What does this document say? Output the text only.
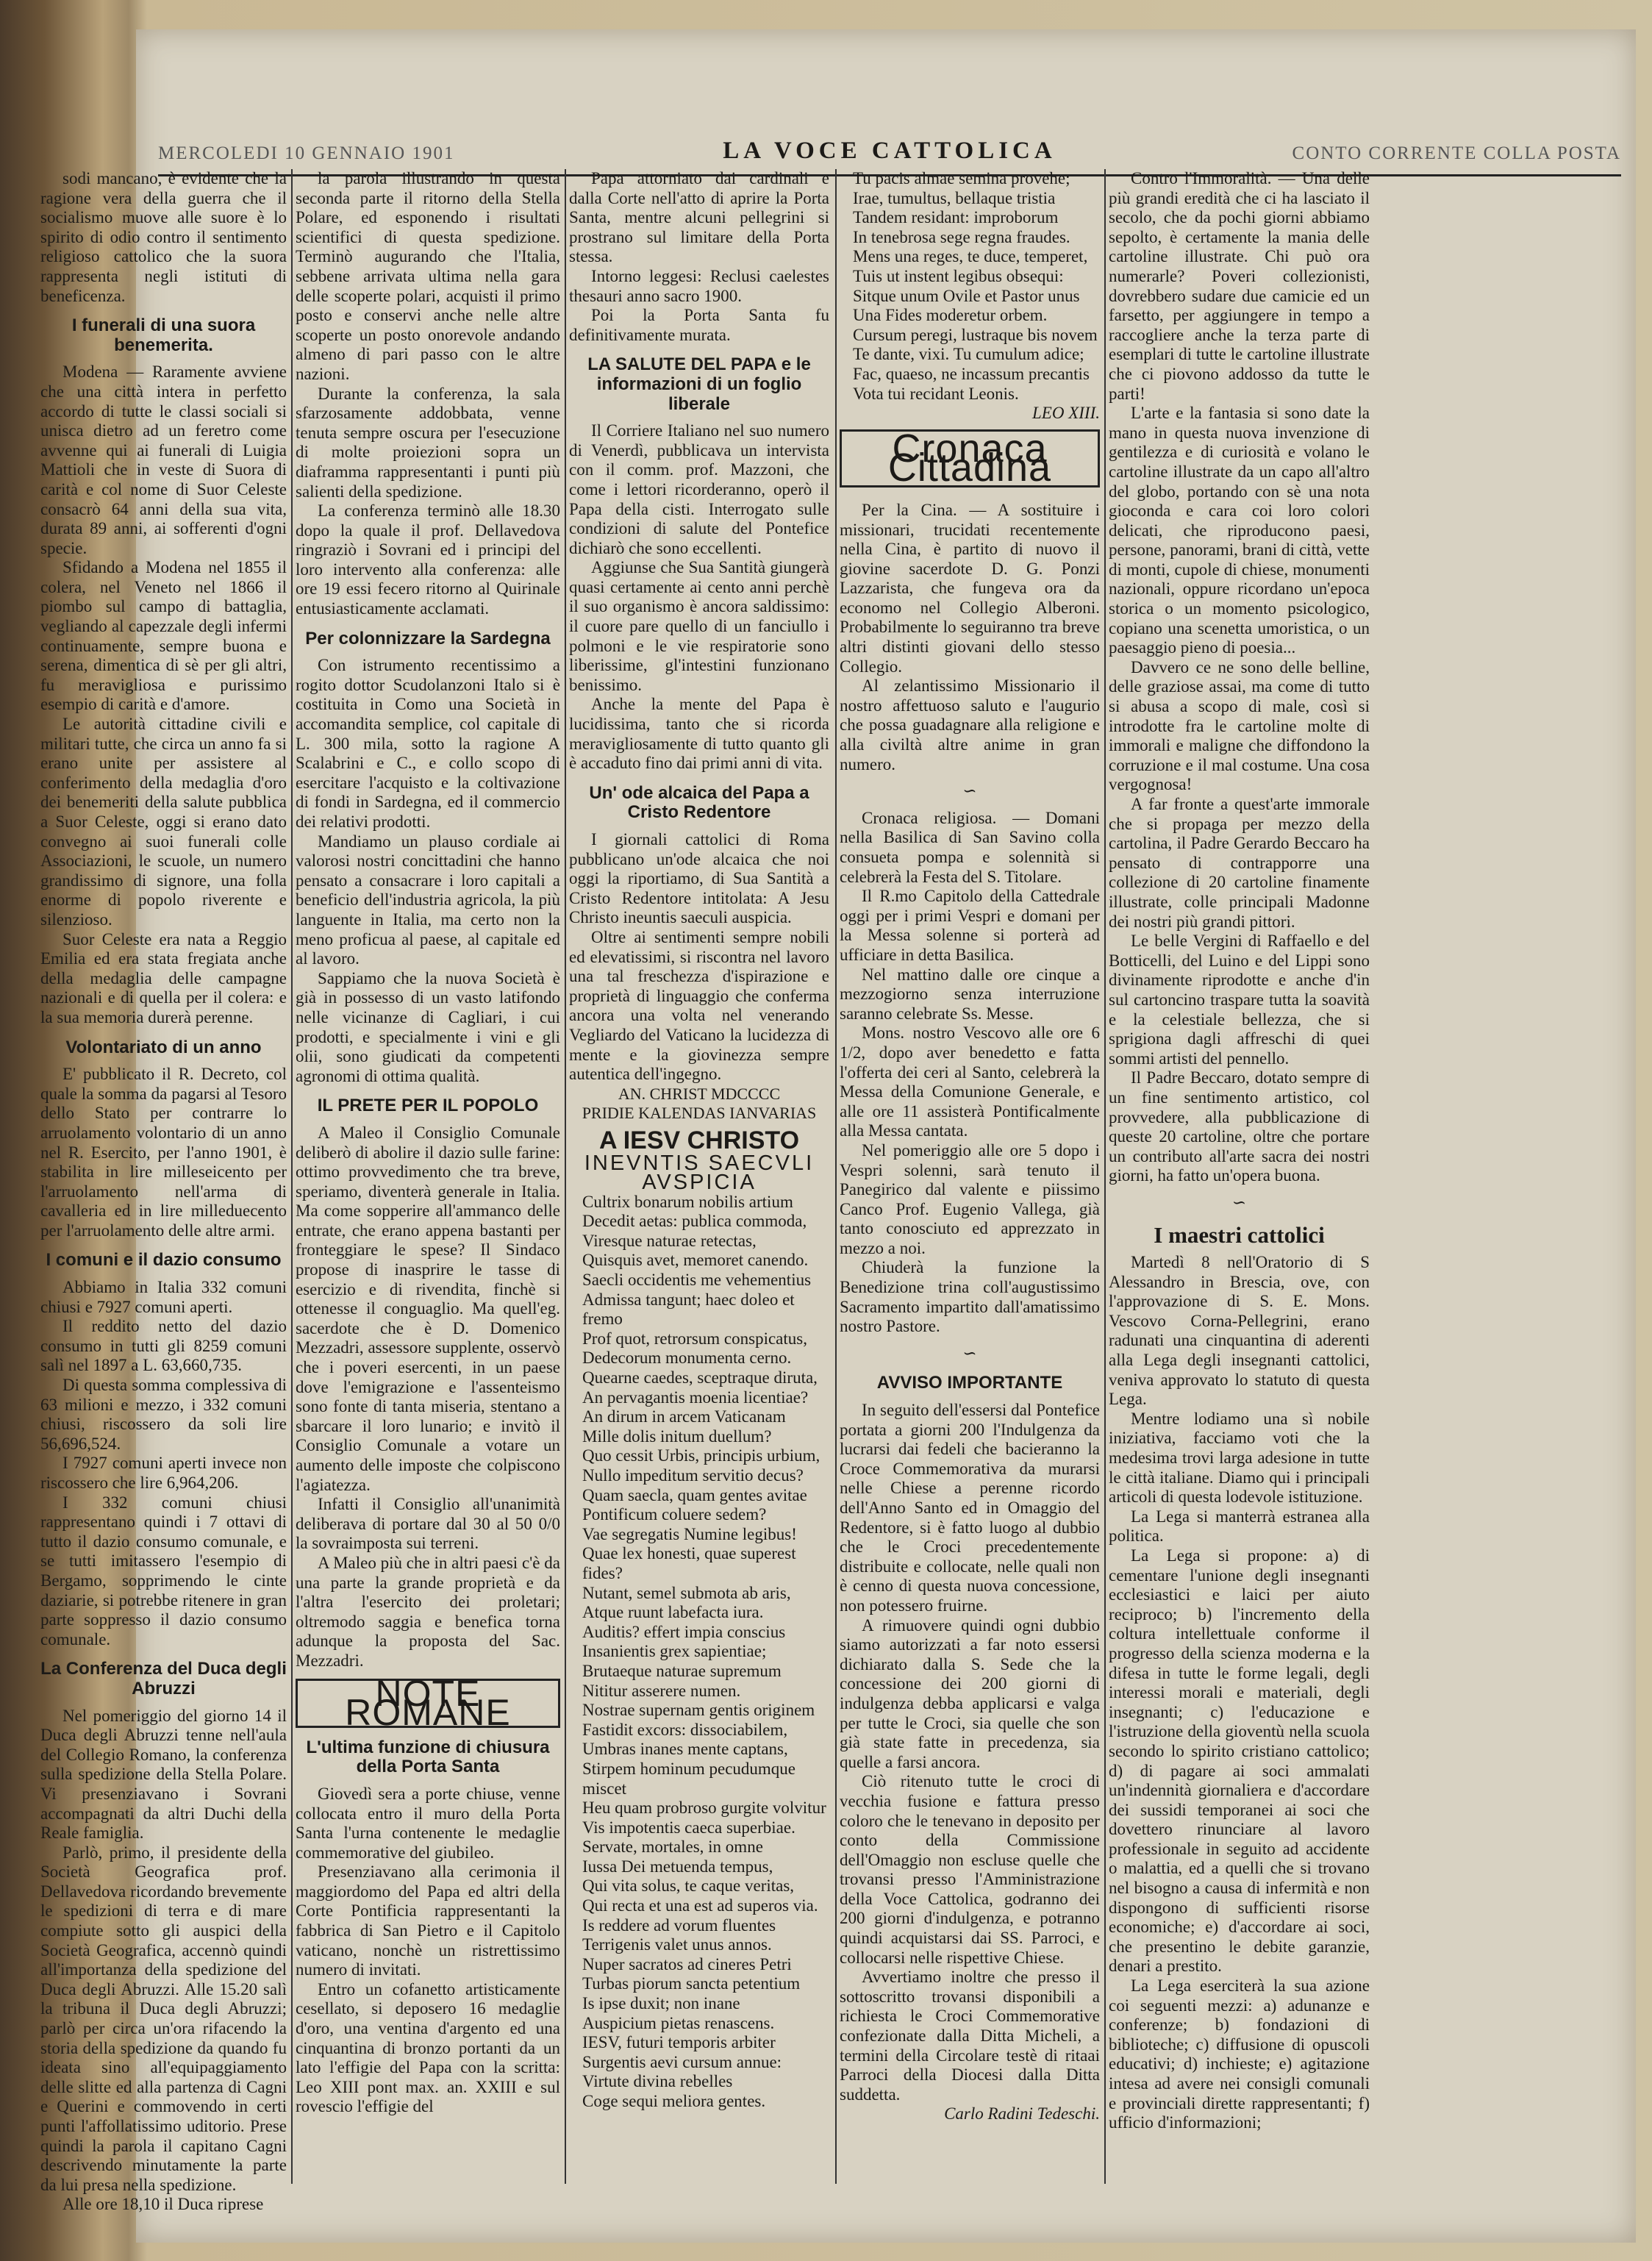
MERCOLEDI 10 GENNAIO 1901	LA VOCE CATTOLICA	CONTO CORRENTE COLLA POSTA

sodi mancano, è evidente che la ragione vera della guerra che il socialismo muove alle suore è lo spirito di odio contro il sentimento religioso cattolico che la suora rappresenta negli istituti di beneficenza.

I funerali di una suora benemerita.

Modena — Raramente avviene che una città intera in perfetto accordo di tutte le classi sociali si unisca dietro ad un feretro come avvenne qui ai funerali di Luigia Mattioli che in veste di Suora di carità e col nome di Suor Celeste consacrò 64 anni della sua vita, durata 89 anni, ai sofferenti d'ogni specie.

Sfidando a Modena nel 1855 il colera, nel Veneto nel 1866 il piombo sul campo di battaglia, vegliando al capezzale degli infermi continuamente, sempre buona e serena, dimentica di sè per gli altri, fu meravigliosa e purissimo esempio di carità e d'amore.

Le autorità cittadine civili e militari tutte, che circa un anno fa si erano unite per assistere al conferimento della medaglia d'oro dei benemeriti della salute pubblica a Suor Celeste, oggi si erano dato convegno ai suoi funerali colle Associazioni, le scuole, un numero grandissimo di signore, una folla enorme di popolo riverente e silenzioso.

Suor Celeste era nata a Reggio Emilia ed era stata fregiata anche della medaglia delle campagne nazionali e di quella per il colera: e la sua memoria durerà perenne.

Volontariato di un anno

E' pubblicato il R. Decreto, col quale la somma da pagarsi al Tesoro dello Stato per contrarre lo arruolamento volontario di un anno nel R. Esercito, per l'anno 1901, è stabilita in lire milleseicento per l'arruolamento nell'arma di cavalleria ed in lire milleduecento per l'arruolamento delle altre armi.

I comuni e il dazio consumo

Abbiamo in Italia 332 comuni chiusi e 7927 comuni aperti.

Il reddito netto del dazio consumo in tutti gli 8259 comuni salì nel 1897 a L. 63,660,735.

Di questa somma complessiva di 63 milioni e mezzo, i 332 comuni chiusi, riscossero da soli lire 56,696,524.

I 7927 comuni aperti invece non riscossero che lire 6,964,206.

I 332 comuni chiusi rappresentano quindi i 7 ottavi di tutto il dazio consumo comunale, e se tutti imitassero l'esempio di Bergamo, sopprimendo le cinte daziarie, si potrebbe ritenere in gran parte soppresso il dazio consumo comunale.

La Conferenza del Duca degli Abruzzi

Nel pomeriggio del giorno 14 il Duca degli Abruzzi tenne nell'aula del Collegio Romano, la conferenza sulla spedizione della Stella Polare. Vi presenziavano i Sovrani accompagnati da altri Duchi della Reale famiglia.

Parlò, primo, il presidente della Società Geografica prof. Dellavedova ricordando brevemente le spedizioni di terra e di mare compiute sotto gli auspici della Società Geografica, accennò quindi all'importanza della spedizione del Duca degli Abruzzi. Alle 15.20 salì la tribuna il Duca degli Abruzzi; parlò per circa un'ora rifacendo la storia della spedizione da quando fu ideata sino all'equipaggiamento delle slitte ed alla partenza di Cagni e Querini e commovendo in certi punti l'affollatissimo uditorio. Prese quindi la parola il capitano Cagni descrivendo minutamente la parte da lui presa nella spedizione.

Alle ore 18,10 il Duca riprese

la parola illustrando in questa seconda parte il ritorno della Stella Polare, ed esponendo i risultati scientifici di questa spedizione. Terminò augurando che l'Italia, sebbene arrivata ultima nella gara delle scoperte polari, acquisti il primo posto e conservi anche nelle altre scoperte un posto onorevole andando almeno di pari passo con le altre nazioni.

Durante la conferenza, la sala sfarzosamente addobbata, venne tenuta sempre oscura per l'esecuzione di molte proiezioni sopra un diaframma rappresentanti i punti più salienti della spedizione.

La conferenza terminò alle 18.30 dopo la quale il prof. Dellavedova ringraziò i Sovrani ed i principi del loro intervento alla conferenza: alle ore 19 essi fecero ritorno al Quirinale entusiasticamente acclamati.

Per colonnizzare la Sardegna

Con istrumento recentissimo a rogito dottor Scudolanzoni Italo si è costituita in Como una Società in accomandita semplice, col capitale di L. 300 mila, sotto la ragione A Scalabrini e C., e collo scopo di esercitare l'acquisto e la coltivazione di fondi in Sardegna, ed il commercio dei relativi prodotti.

Mandiamo un plauso cordiale ai valorosi nostri concittadini che hanno pensato a consacrare i loro capitali a beneficio dell'industria agricola, la più languente in Italia, ma certo non la meno proficua al paese, al capitale ed al lavoro.

Sappiamo che la nuova Società è già in possesso di un vasto latifondo nelle vicinanze di Cagliari, i cui prodotti, e specialmente i vini e gli olii, sono giudicati da competenti agronomi di ottima qualità.

IL PRETE PER IL POPOLO

A Maleo il Consiglio Comunale deliberò di abolire il dazio sulle farine: ottimo provvedimento che tra breve, speriamo, diventerà generale in Italia. Ma come sopperire all'ammanco delle entrate, che erano appena bastanti per fronteggiare le spese? Il Sindaco propose di inasprire le tasse di esercizio e di rivendita, finchè si ottenesse il conguaglio. Ma quell'eg. sacerdote che è D. Domenico Mezzadri, assessore supplente, osservò che i poveri esercenti, in un paese dove l'emigrazione e l'assenteismo sono fonte di tanta miseria, stentano a sbarcare il loro lunario; e invitò il Consiglio Comunale a votare un aumento delle imposte che colpiscono l'agiatezza.

Infatti il Consiglio all'unanimità deliberava di portare dal 30 al 50 0/0 la sovraimposta sui terreni.

A Maleo più che in altri paesi c'è da una parte la grande proprietà e da l'altra l'esercito dei proletari; oltremodo saggia e benefica torna adunque la proposta del Sac. Mezzadri.

NOTE ROMANE
L'ultima funzione di chiusura della Porta Santa

Giovedì sera a porte chiuse, venne collocata entro il muro della Porta Santa l'urna contenente le medaglie commemorative del giubileo.

Presenziavano alla cerimonia il maggiordomo del Papa ed altri della Corte Pontificia rappresentanti la fabbrica di San Pietro e il Capitolo vaticano, nonchè un ristrettissimo numero di invitati.

Entro un cofanetto artisticamente cesellato, si deposero 16 medaglie d'oro, una ventina d'argento ed una cinquantina di bronzo portanti da un lato l'effigie del Papa con la scritta: Leo XIII pont max. an. XXIII e sul rovescio l'effigie del

Papa attorniato dai cardinali e dalla Corte nell'atto di aprire la Porta Santa, mentre alcuni pellegrini si prostrano sul limitare della Porta stessa.

Intorno leggesi: Reclusi caelestes thesauri anno sacro 1900.

Poi la Porta Santa fu definitivamente murata.

LA SALUTE DEL PAPA e le informazioni di un foglio liberale

Il Corriere Italiano nel suo numero di Venerdì, pubblicava un intervista con il comm. prof. Mazzoni, che come i lettori ricorderanno, operò il Papa della cisti. Interrogato sulle condizioni di salute del Pontefice dichiarò che sono eccellenti.

Aggiunse che Sua Santità giungerà quasi certamente ai cento anni perchè il suo organismo è ancora saldissimo: il cuore pare quello di un fanciullo i polmoni e le vie respiratorie sono liberissime, gl'intestini funzionano benissimo.

Anche la mente del Papa è lucidissima, tanto che si ricorda meravigliosamente di tutto quanto gli è accaduto fino dai primi anni di vita.

Un' ode alcaica del Papa a Cristo Redentore

I giornali cattolici di Roma pubblicano un'ode alcaica che noi oggi la riportiamo, di Sua Santità a Cristo Redentore intitolata: A Jesu Christo ineuntis saeculi auspicia.

Oltre ai sentimenti sempre nobili ed elevatissimi, si riscontra nel lavoro una tal freschezza d'ispirazione e proprietà di linguaggio che conferma ancora una volta nel venerando Vegliardo del Vaticano la lucidezza di mente e la giovinezza sempre autentica dell'ingegno.

AN. CHRIST MDCCCC

PRIDIE KALENDAS IANVARIAS

A IESV CHRISTO
INEVNTIS SAECVLI
AVSPICIA

Cultrix bonarum nobilis artium

Decedit aetas: publica commoda,

Viresque naturae retectas,

Quisquis avet, memoret canendo.

Saecli occidentis me vehementius

Admissa tangunt; haec doleo et fremo

Prof quot, retrorsum conspicatus,

Dedecorum monumenta cerno.

Quearne caedes, sceptraque diruta,

An pervagantis moenia licentiae?

An dirum in arcem Vaticanam

Mille dolis initum duellum?

Quo cessit Urbis, principis urbium,

Nullo impeditum servitio decus?

Quam saecla, quam gentes avitae

Pontificum coluere sedem?

Vae segregatis Numine legibus!

Quae lex honesti, quae superest fides?

Nutant, semel submota ab aris,

Atque ruunt labefacta iura.

Auditis? effert impia conscius

Insanientis grex sapientiae;

Brutaeque naturae supremum

Nititur asserere numen.

Nostrae supernam gentis originem

Fastidit excors: dissociabilem,

Umbras inanes mente captans,

Stirpem hominum pecudumque miscet

Heu quam probroso gurgite volvitur

Vis impotentis caeca superbiae.

Servate, mortales, in omne

Iussa Dei metuenda tempus,

Qui vita solus, te caque veritas,

Qui recta et una est ad superos via.

Is reddere ad vorum fluentes

Terrigenis valet unus annos.

Nuper sacratos ad cineres Petri

Turbas piorum sancta petentium

Is ipse duxit; non inane

Auspicium pietas renascens.

IESV, futuri temporis arbiter

Surgentis aevi cursum annue:

Virtute divina rebelles

Coge sequi meliora gentes.

Tu pacis almae semina provehe;

Irae, tumultus, bellaque tristia

Tandem residant: improborum

In tenebrosa sege regna fraudes.

Mens una reges, te duce, temperet,

Tuis ut instent legibus obsequi:

Sitque unum Ovile et Pastor unus

Una Fides moderetur orbem.

Cursum peregi, lustraque bis novem

Te dante, vixi. Tu cumulum adice;

Fac, quaeso, ne incassum precantis

Vota tui recidant Leonis.

LEO XIII.

Cronaca Cittadina

Per la Cina. — A sostituire i missionari, trucidati recentemente nella Cina, è partito di nuovo il giovine sacerdote D. G. Ponzi Lazzarista, che fungeva ora da economo nel Collegio Alberoni. Probabilmente lo seguiranno tra breve altri distinti giovani dello stesso Collegio.

Al zelantissimo Missionario il nostro affettuoso saluto e l'augurio che possa guadagnare alla religione e alla civiltà altre anime in gran numero.

∽

Cronaca religiosa. — Domani nella Basilica di San Savino colla consueta pompa e solennità si celebrerà la Festa del S. Titolare.

Il R.mo Capitolo della Cattedrale oggi per i primi Vespri e domani per la Messa solenne si porterà ad ufficiare in detta Basilica.

Nel mattino dalle ore cinque a mezzogiorno senza interruzione saranno celebrate Ss. Messe.

Mons. nostro Vescovo alle ore 6 1/2, dopo aver benedetto e fatta l'offerta dei ceri al Santo, celebrerà la Messa della Comunione Generale, e alle ore 11 assisterà Pontificalmente alla Messa cantata.

Nel pomeriggio alle ore 5 dopo i Vespri solenni, sarà tenuto il Panegirico dal valente e piissimo Canco Prof. Eugenio Vallega, già tanto conosciuto ed apprezzato in mezzo a noi.

Chiuderà la funzione la Benedizione trina coll'augustissimo Sacramento impartito dall'amatissimo nostro Pastore.

∽

AVVISO IMPORTANTE

In seguito dell'essersi dal Pontefice portata a giorni 200 l'Indulgenza da lucrarsi dai fedeli che bacieranno la Croce Commemorativa da murarsi nelle Chiese a perenne ricordo dell'Anno Santo ed in Omaggio del Redentore, si è fatto luogo al dubbio che le Croci precedentemente distribuite e collocate, nelle quali non è cenno di questa nuova concessione, non potessero fruirne.

A rimuovere quindi ogni dubbio siamo autorizzati a far noto essersi dichiarato dalla S. Sede che la concessione dei 200 giorni di indulgenza debba applicarsi e valga per tutte le Croci, sia quelle che son già state fatte in precedenza, sia quelle a farsi ancora.

Ciò ritenuto tutte le croci di vecchia fusione e fattura presso coloro che le tenevano in deposito per conto della Commissione dell'Omaggio non escluse quelle che trovansi presso l'Amministrazione della Voce Cattolica, godranno dei 200 giorni d'indulgenza, e potranno quindi acquistarsi dai SS. Parroci, e collocarsi nelle rispettive Chiese.

Avvertiamo inoltre che presso il sottoscritto trovansi disponibili a richiesta le Croci Commemorative confezionate dalla Ditta Micheli, a termini della Circolare testè di ritaai Parroci della Diocesi dalla Ditta suddetta.

Carlo Radini Tedeschi.

Contro l'Immoralità. — Una delle più grandi eredità che ci ha lasciato il secolo, che da pochi giorni abbiamo sepolto, è certamente la mania delle cartoline illustrate. Chi può ora numerarle? Poveri collezionisti, dovrebbero sudare due camicie ed un farsetto, per aggiungere in tempo a raccogliere anche la terza parte di esemplari di tutte le cartoline illustrate che ci piovono addosso da tutte le parti!

L'arte e la fantasia si sono date la mano in questa nuova invenzione di gentilezza e di curiosità e volano le cartoline illustrate da un capo all'altro del globo, portando con sè una nota gioconda e cara coi loro colori delicati, che riproducono paesi, persone, panorami, brani di città, vette di monti, cupole di chiese, monumenti nazionali, oppure ricordano un'epoca storica o un momento psicologico, copiano una scenetta umoristica, o un paesaggio pieno di poesia...

Davvero ce ne sono delle belline, delle graziose assai, ma come di tutto si abusa a scopo di male, così si introdotte fra le cartoline molte di immorali e maligne che diffondono la corruzione e il mal costume. Una cosa vergognosa!

A far fronte a quest'arte immorale che si propaga per mezzo della cartolina, il Padre Gerardo Beccaro ha pensato di contrapporre una collezione di 20 cartoline finamente illustrate, colle principali Madonne dei nostri più grandi pittori.

Le belle Vergini di Raffaello e del Botticelli, del Luino e del Lippi sono divinamente riprodotte e anche d'in sul cartoncino traspare tutta la soavità e la celestiale bellezza, che si sprigiona dagli affreschi di quei sommi artisti del pennello.

Il Padre Beccaro, dotato sempre di un fine sentimento artistico, col provvedere, alla pubblicazione di queste 20 cartoline, oltre che portare un contributo all'arte sacra dei nostri giorni, ha fatto un'opera buona.

∽

I maestri cattolici

Martedì 8 nell'Oratorio di S Alessandro in Brescia, ove, con l'approvazione di S. E. Mons. Vescovo Corna-Pellegrini, erano radunati una cinquantina di aderenti alla Lega degli insegnanti cattolici, veniva approvato lo statuto di questa Lega.

Mentre lodiamo una sì nobile iniziativa, facciamo voti che la medesima trovi larga adesione in tutte le città italiane. Diamo qui i principali articoli di questa lodevole istituzione.

La Lega si manterrà estranea alla politica.

La Lega si propone: a) di cementare l'unione degli insegnanti ecclesiastici e laici per aiuto reciproco; b) l'incremento della coltura intellettuale conforme il progresso della scienza moderna e la difesa in tutte le forme legali, degli interessi morali e materiali, degli insegnanti; c) l'educazione e l'istruzione della gioventù nella scuola secondo lo spirito cristiano cattolico; d) di pagare ai soci ammalati un'indennità giornaliera e d'accordare dei sussidi temporanei ai soci che dovettero rinunciare al lavoro professionale in seguito ad accidente o malattia, ed a quelli che si trovano nel bisogno a causa di infermità e non dispongono di sufficienti risorse economiche; e) d'accordare ai soci, che presentino le debite garanzie, denari a prestito.

La Lega eserciterà la sua azione coi seguenti mezzi: a) adunanze e conferenze; b) fondazioni di biblioteche; c) diffusione di opuscoli educativi; d) inchieste; e) agitazione intesa ad avere nei consigli comunali e provinciali dirette rappresentanti; f) ufficio d'informazioni;
